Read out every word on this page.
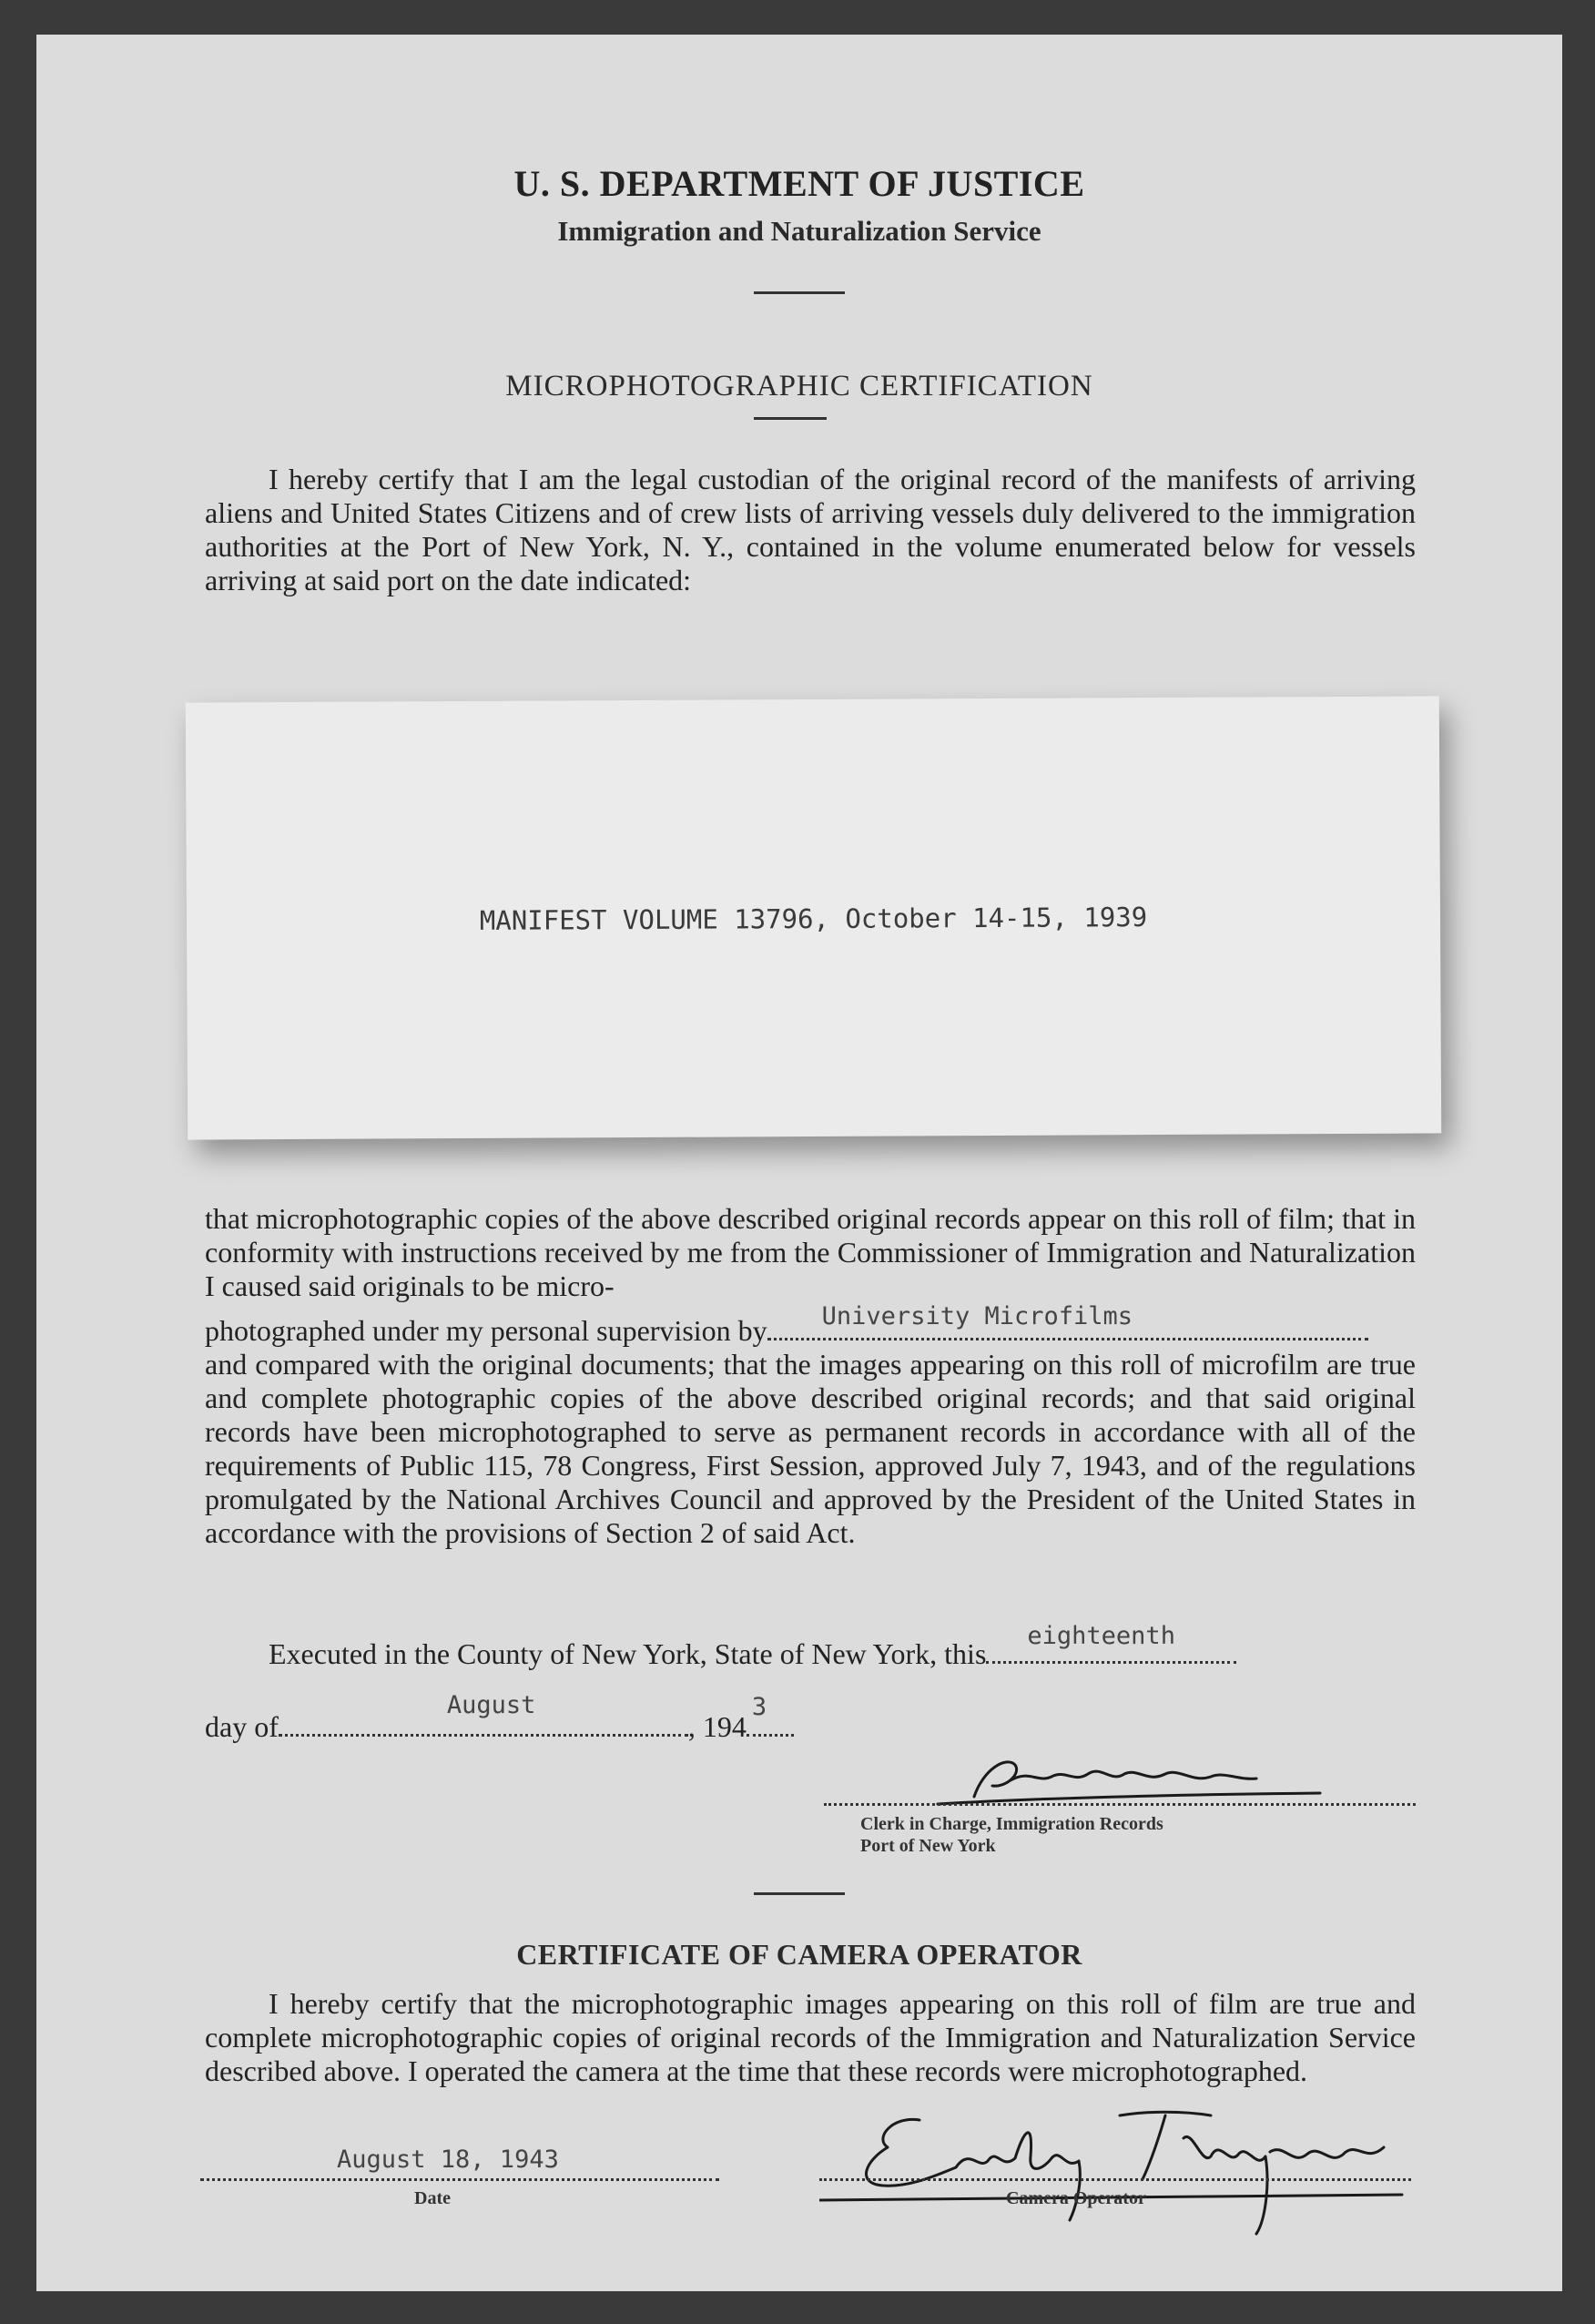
U. S. DEPARTMENT OF JUSTICE
Immigration and Naturalization Service
MICROPHOTOGRAPHIC CERTIFICATION
I hereby certify that I am the legal custodian of the original record of the manifests of arriving aliens and United States Citizens and of crew lists of arriving vessels duly delivered to the immigration authorities at the Port of New York, N. Y., contained in the volume enumerated below for vessels arriving at said port on the date indicated:
MANIFEST VOLUME 13796, October 14-15, 1939
that microphotographic copies of the above described original records appear on this roll of film; that in conformity with instructions received by me from the Commissioner of Immigration and Naturalization I caused said originals to be micro-
photographed under my personal supervision by University Microfilms
and compared with the original documents; that the images appearing on this roll of microfilm are true and complete photographic copies of the above described original records; and that said original records have been microphotographed to serve as permanent records in accordance with all of the requirements of Public 115, 78 Congress, First Session, approved July 7, 1943, and of the regulations promulgated by the National Archives Council and approved by the President of the United States in accordance with the provisions of Section 2 of said Act.
Executed in the County of New York, State of New York, this
eighteenth
day of
August
, 194
3
Clerk in Charge, Immigration Records
Port of New York
CERTIFICATE OF CAMERA OPERATOR
I hereby certify that the microphotographic images appearing on this roll of film are true and complete microphotographic copies of original records of the Immigration and Naturalization Service described above. I operated the camera at the time that these records were microphotographed.
August 18, 1943
Date	Camera Operator
